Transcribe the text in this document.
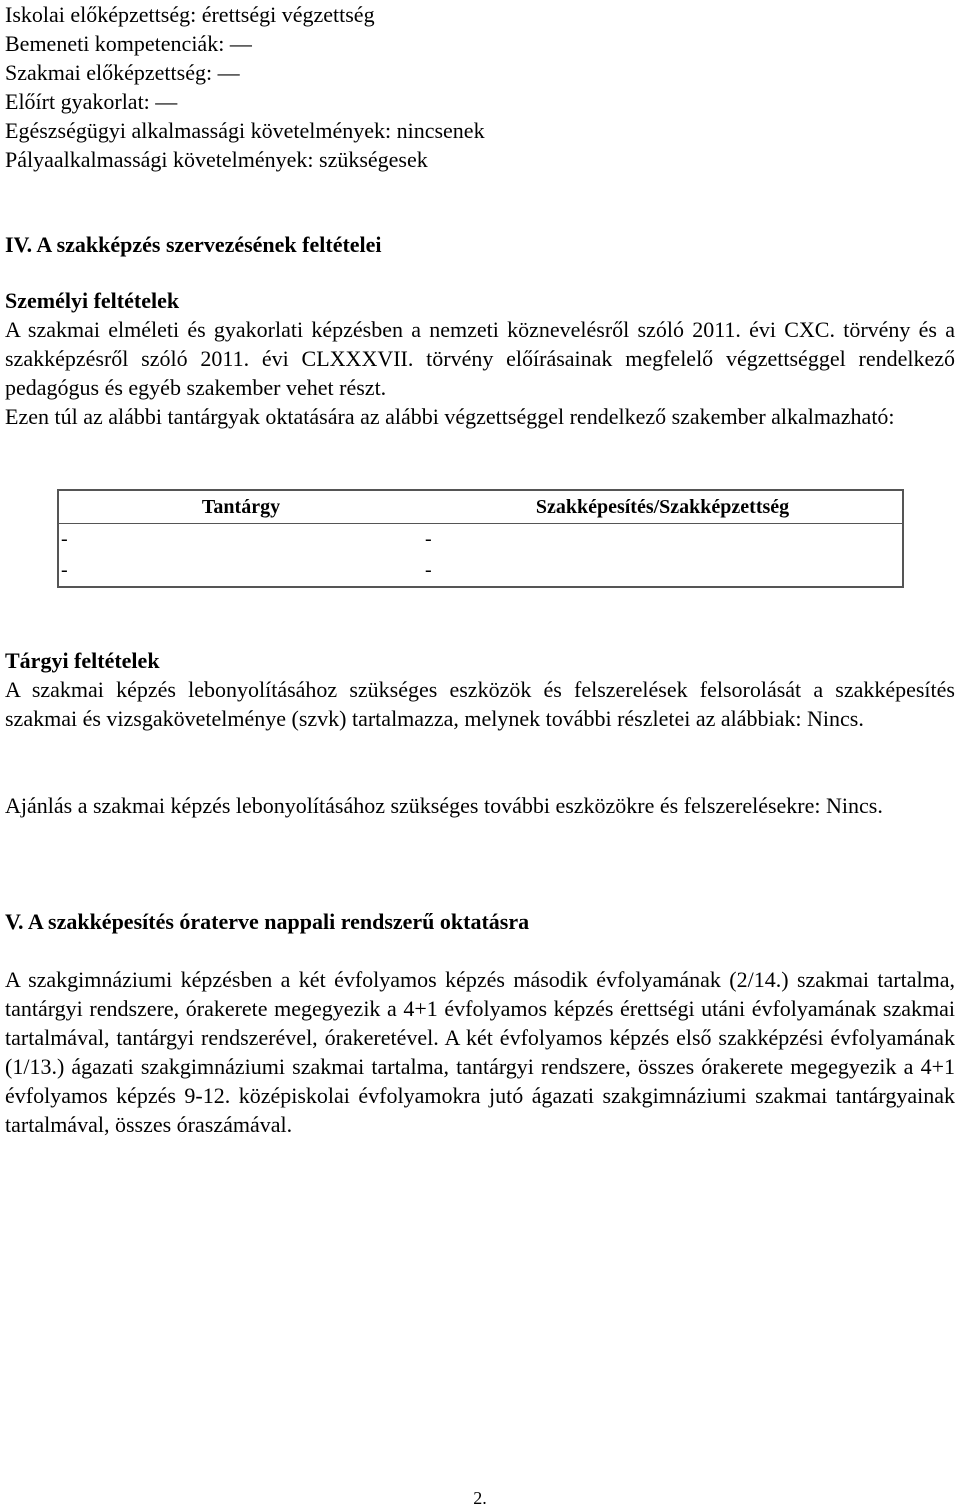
Iskolai előképzettség: érettségi végzettség
Bemeneti kompetenciák: —
Szakmai előképzettség: —
Előírt gyakorlat: —
Egészségügyi alkalmassági követelmények: nincsenek
Pályaalkalmassági követelmények: szükségesek
IV. A szakképzés szervezésének feltételei
Személyi feltételek
A szakmai elméleti és gyakorlati képzésben a nemzeti köznevelésről szóló 2011. évi CXC. törvény és a szakképzésről szóló 2011. évi CLXXXVII. törvény előírásainak megfelelő végzettséggel rendelkező pedagógus és egyéb szakember vehet részt.
Ezen túl az alábbi tantárgyak oktatására az alábbi végzettséggel rendelkező szakember alkalmazható:
Tantárgy	Szakképesítés/Szakképzettség
-	-
-	-
Tárgyi feltételek
A szakmai képzés lebonyolításához szükséges eszközök és felszerelések felsorolását a szakképesítés szakmai és vizsgakövetelménye (szvk) tartalmazza, melynek további részletei az alábbiak: Nincs.
Ajánlás a szakmai képzés lebonyolításához szükséges további eszközökre és felszerelésekre: Nincs.
V. A szakképesítés óraterve nappali rendszerű oktatásra
A szakgimnáziumi képzésben a két évfolyamos képzés második évfolyamának (2/14.) szakmai tartalma, tantárgyi rendszere, órakerete megegyezik a 4+1 évfolyamos képzés érettségi utáni évfolyamának szakmai tartalmával, tantárgyi rendszerével, órakeretével. A két évfolyamos képzés első szakképzési évfolyamának (1/13.) ágazati szakgimnáziumi szakmai tartalma, tantárgyi rendszere, összes órakerete megegyezik a 4+1 évfolyamos képzés 9-12. középiskolai évfolyamokra jutó ágazati szakgimnáziumi szakmai tantárgyainak tartalmával, összes óraszámával.
2.
